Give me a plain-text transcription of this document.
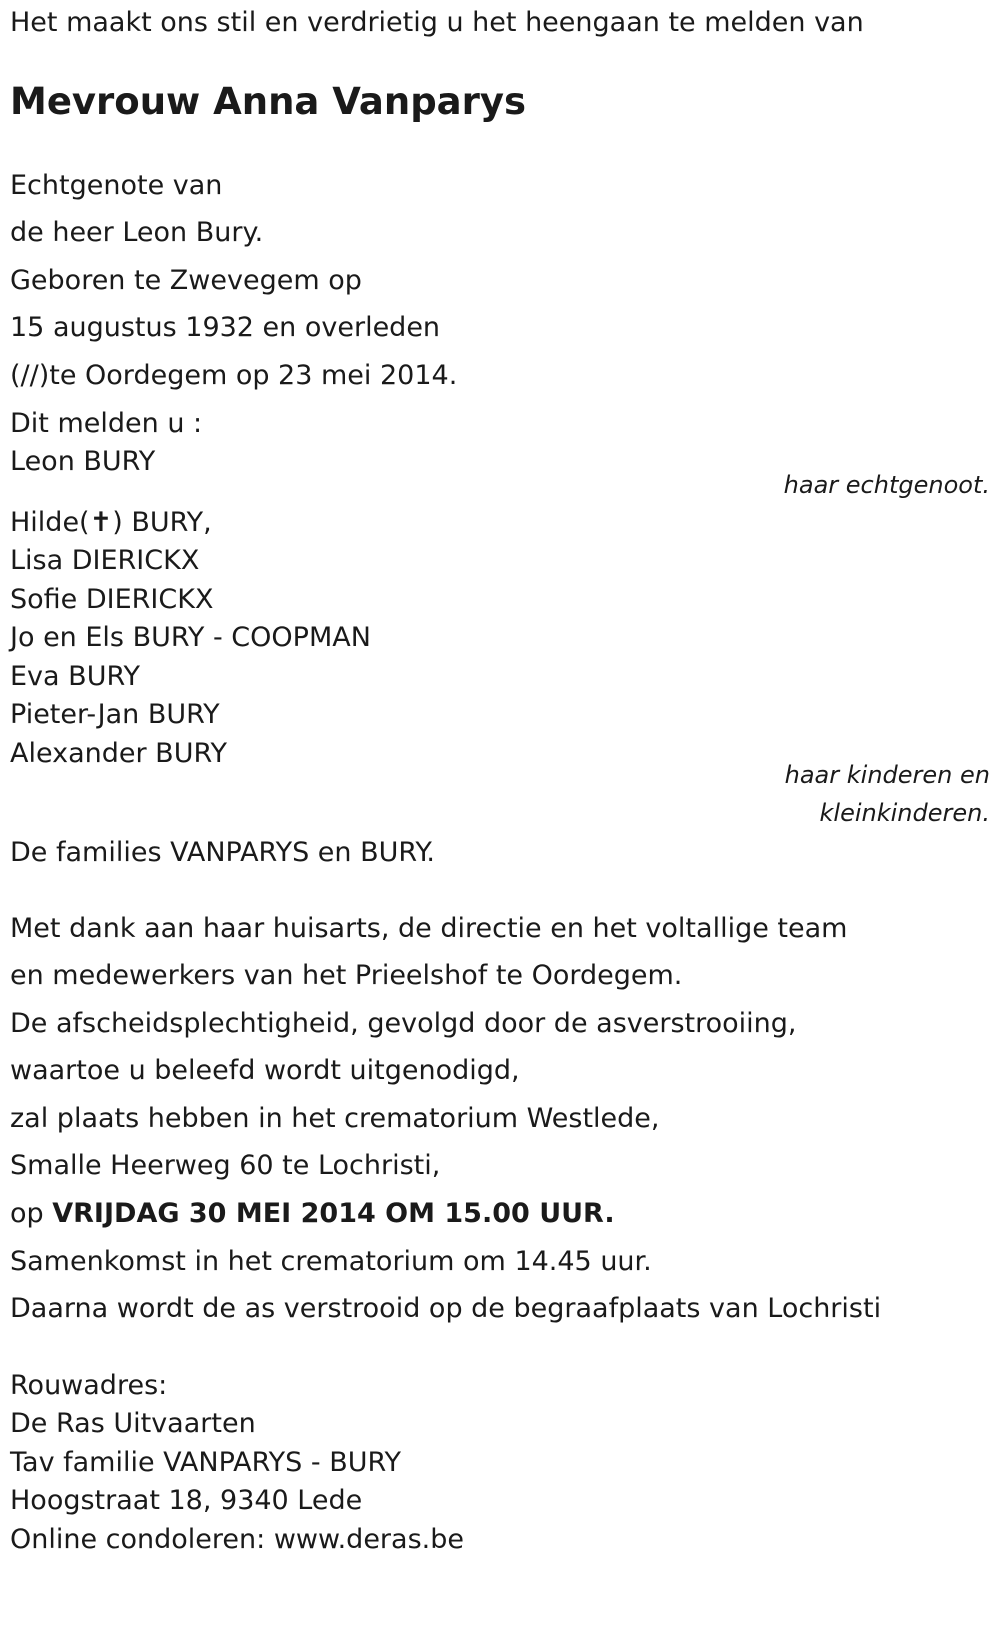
Het maakt ons stil en verdrietig u het heengaan te melden van
Mevrouw Anna Vanparys
Echtgenote van
de heer Leon Bury.
Geboren te Zwevegem op
15 augustus 1932 en overleden
(//)te Oordegem op 23 mei 2014.
Dit melden u :
Leon BURY
haar echtgenoot.
Hilde(✝) BURY,
Lisa DIERICKX
Sofie DIERICKX
Jo en Els BURY - COOPMAN
Eva BURY
Pieter-Jan BURY
Alexander BURY
haar kinderen en
kleinkinderen.
De families VANPARYS en BURY.
Met dank aan haar huisarts, de directie en het voltallige team
en medewerkers van het Prieelshof te Oordegem.
De afscheidsplechtigheid, gevolgd door de asverstrooiing,
waartoe u beleefd wordt uitgenodigd,
zal plaats hebben in het crematorium Westlede,
Smalle Heerweg 60 te Lochristi,
op VRIJDAG 30 MEI 2014 OM 15.00 UUR.
Samenkomst in het crematorium om 14.45 uur.
Daarna wordt de as verstrooid op de begraafplaats van Lochristi
Rouwadres:
De Ras Uitvaarten
Tav familie VANPARYS - BURY
Hoogstraat 18, 9340 Lede
Online condoleren: www.deras.be
